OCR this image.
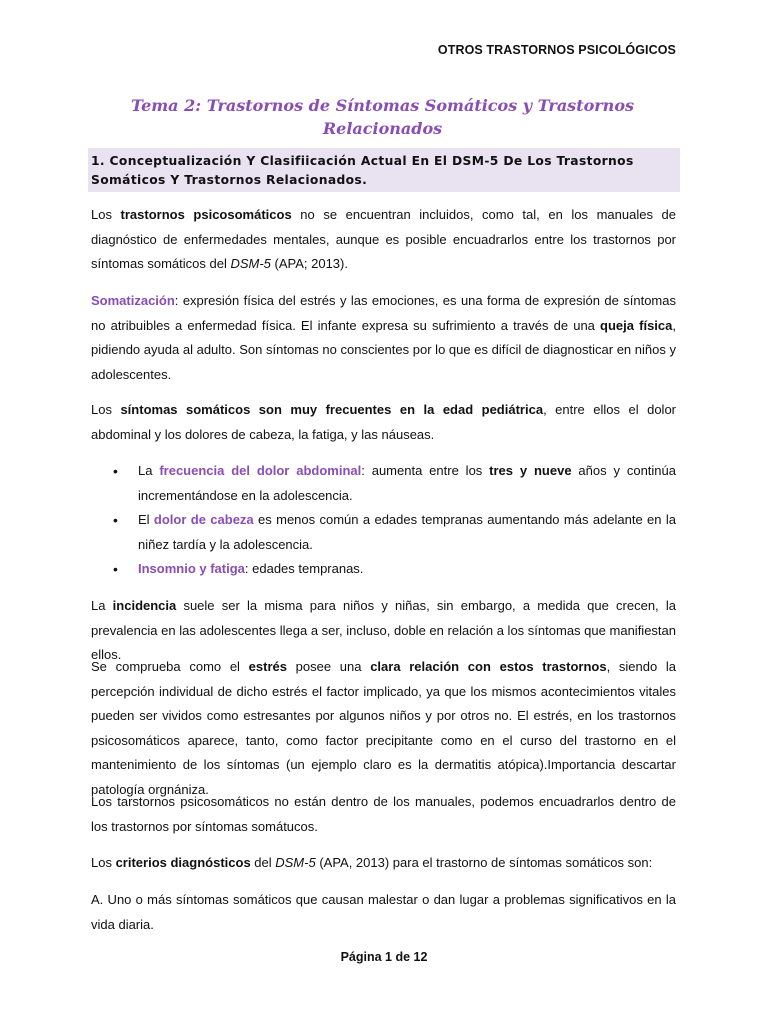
OTROS TRASTORNOS PSICOLÓGICOS
Tema 2: Trastornos de Síntomas Somáticos y Trastornos Relacionados
1. Conceptualización Y Clasifiicación Actual En El DSM-5 De Los Trastornos Somáticos Y Trastornos Relacionados.

Los trastornos psicosomáticos no se encuentran incluidos, como tal, en los manuales de diagnóstico de enfermedades mentales, aunque es posible encuadrarlos entre los trastornos por síntomas somáticos del DSM-5 (APA; 2013).

Somatización: expresión física del estrés y las emociones, es una forma de expresión de síntomas no atribuibles a enfermedad física. El infante expresa su sufrimiento a través de una queja física, pidiendo ayuda al adulto. Son síntomas no conscientes por lo que es difícil de diagnosticar en niños y adolescentes.

Los síntomas somáticos son muy frecuentes en la edad pediátrica, entre ellos el dolor abdominal y los dolores de cabeza, la fatiga, y las náuseas.

• La frecuencia del dolor abdominal: aumenta entre los tres y nueve años y continúa incrementándose en la adolescencia.
• El dolor de cabeza es menos común a edades tempranas aumentando más adelante en la niñez tardía y la adolescencia.
• Insomnio y fatiga: edades tempranas.

La incidencia suele ser la misma para niños y niñas, sin embargo, a medida que crecen, la prevalencia en las adolescentes llega a ser, incluso, doble en relación a los síntomas que manifiestan ellos.

Se comprueba como el estrés posee una clara relación con estos trastornos, siendo la percepción individual de dicho estrés el factor implicado, ya que los mismos acontecimientos vitales pueden ser vividos como estresantes por algunos niños y por otros no. El estrés, en los trastornos psicosomáticos aparece, tanto, como factor precipitante como en el curso del trastorno en el mantenimiento de los síntomas (un ejemplo claro es la dermatitis atópica).Importancia descartar patología orgnániza.

Los tarstornos psicosomáticos no están dentro de los manuales, podemos encuadrarlos dentro de los trastornos por síntomas somátucos.

Los criterios diagnósticos del DSM-5 (APA, 2013) para el trastorno de síntomas somáticos son:

A. Uno o más síntomas somáticos que causan malestar o dan lugar a problemas significativos en la vida diaria.

Página 1 de 12
